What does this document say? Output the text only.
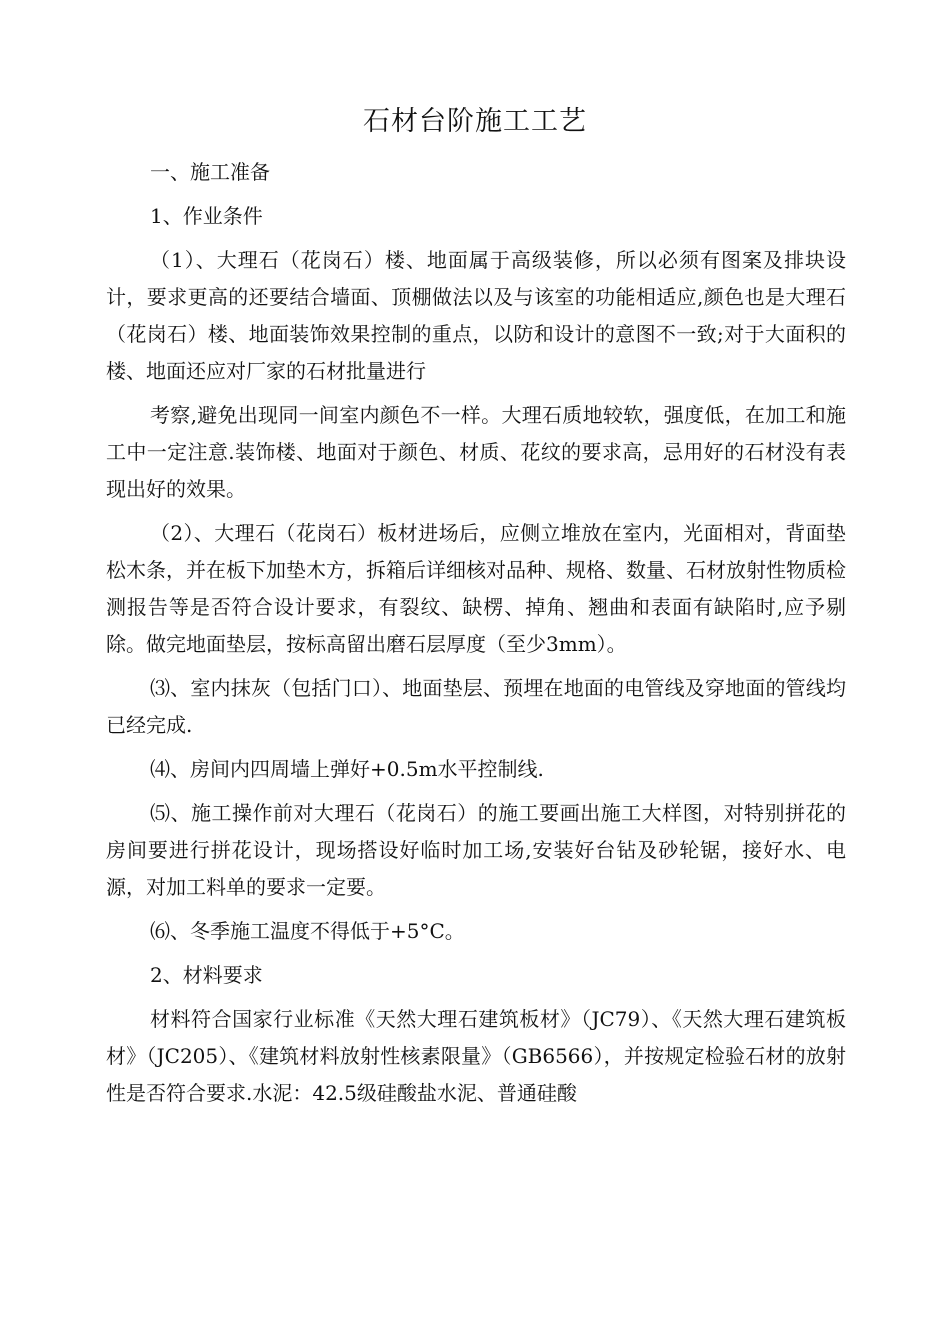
石材台阶施工工艺

一、施工准备

1、作业条件

（1）、大理石（花岗石）楼、地面属于高级装修，所以必须有图案及排块设计，要求更高的还要结合墙面、顶棚做法以及与该室的功能相适应,颜色也是大理石（花岗石）楼、地面装饰效果控制的重点，以防和设计的意图不一致;对于大面积的楼、地面还应对厂家的石材批量进行

考察,避免出现同一间室内颜色不一样。大理石质地较软，强度低，在加工和施工中一定注意.装饰楼、地面对于颜色、材质、花纹的要求高，忌用好的石材没有表现出好的效果。

（2）、大理石（花岗石）板材进场后，应侧立堆放在室内，光面相对，背面垫松木条，并在板下加垫木方，拆箱后详细核对品种、规格、数量、石材放射性物质检测报告等是否符合设计要求，有裂纹、缺楞、掉角、翘曲和表面有缺陷时,应予剔除。做完地面垫层，按标高留出磨石层厚度（至少3mm）。

⑶、室内抹灰（包括门口）、地面垫层、预埋在地面的电管线及穿地面的管线均已经完成.

⑷、房间内四周墙上弹好+0.5m水平控制线.

⑸、施工操作前对大理石（花岗石）的施工要画出施工大样图，对特别拼花的房间要进行拼花设计，现场搭设好临时加工场,安装好台钻及砂轮锯，接好水、电源，对加工料单的要求一定要。

⑹、冬季施工温度不得低于+5°C。

2、材料要求

材料符合国家行业标准《天然大理石建筑板材》（JC79）、《天然大理石建筑板材》（JC205）、《建筑材料放射性核素限量》（GB6566），并按规定检验石材的放射性是否符合要求.水泥：42.5级硅酸盐水泥、普通硅酸
